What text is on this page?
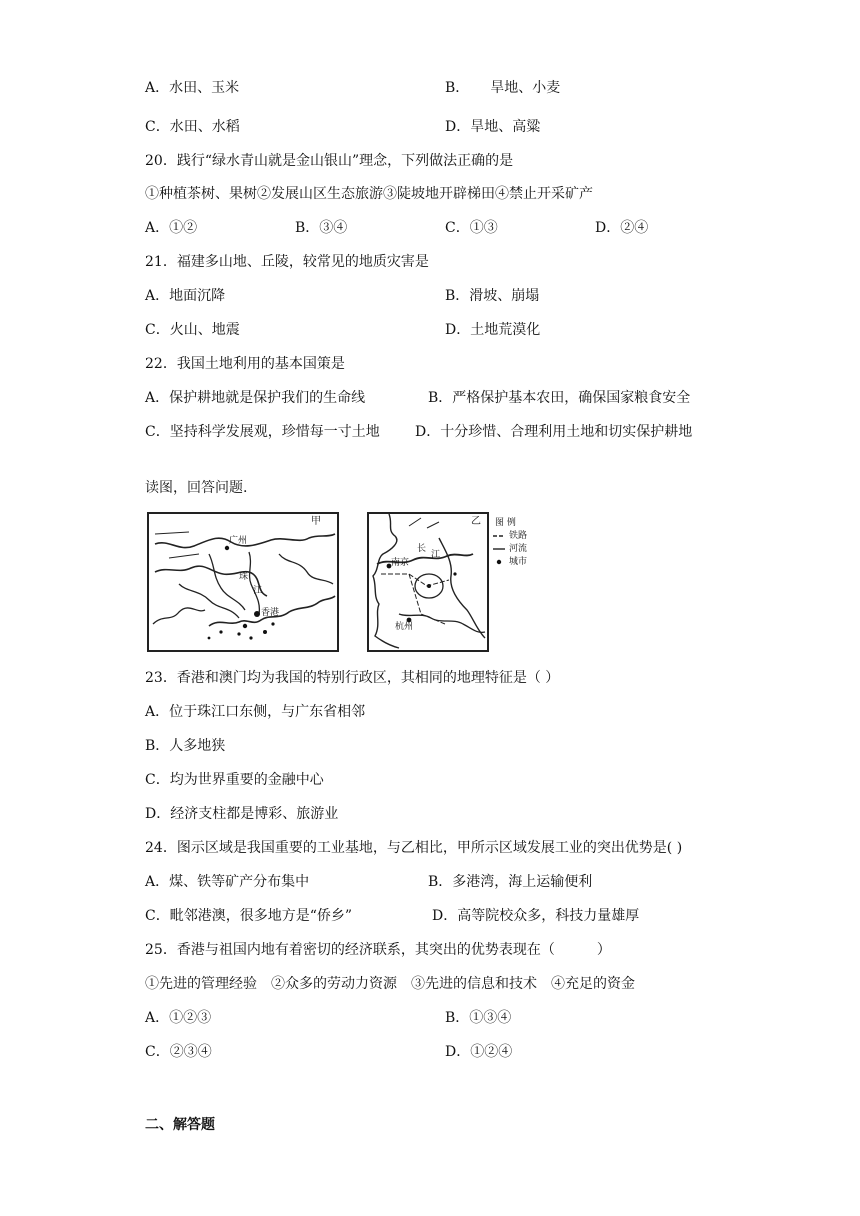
A．水田、玉米	B．　　旱地、小麦
C．水田、水稻	D．旱地、高粱
20．践行“绿水青山就是金山银山”理念，下列做法正确的是
①种植茶树、果树②发展山区生态旅游③陡坡地开辟梯田④禁止开采矿产
A．①②	B．③④	C．①③	D．②④
21．福建多山地、丘陵，较常见的地质灾害是
A．地面沉降	B．滑坡、崩塌
C．火山、地震	D．土地荒漠化
22．我国土地利用的基本国策是
A．保护耕地就是保护我们的生命线	B．严格保护基本农田，确保国家粮食安全
C．坚持科学发展观，珍惜每一寸土地	D．十分珍惜、合理利用土地和切实保护耕地
读图，回答问题.
甲
广州
珠
江
香港
乙
南京
长
江
杭州
图 例
铁路
河流
城市
23．香港和澳门均为我国的特别行政区，其相同的地理特征是（ ）
A．位于珠江口东侧，与广东省相邻
B．人多地狭
C．均为世界重要的金融中心
D．经济支柱都是博彩、旅游业
24．图示区域是我国重要的工业基地，与乙相比，甲所示区域发展工业的突出优势是( )
A．煤、铁等矿产分布集中	B．多港湾，海上运输便利
C．毗邻港澳，很多地方是“侨乡”	D．高等院校众多，科技力量雄厚
25．香港与祖国内地有着密切的经济联系，其突出的优势表现在（　　　）
①先进的管理经验　②众多的劳动力资源　③先进的信息和技术　④充足的资金
A．①②③	B．①③④
C．②③④	D．①②④
二、解答题
